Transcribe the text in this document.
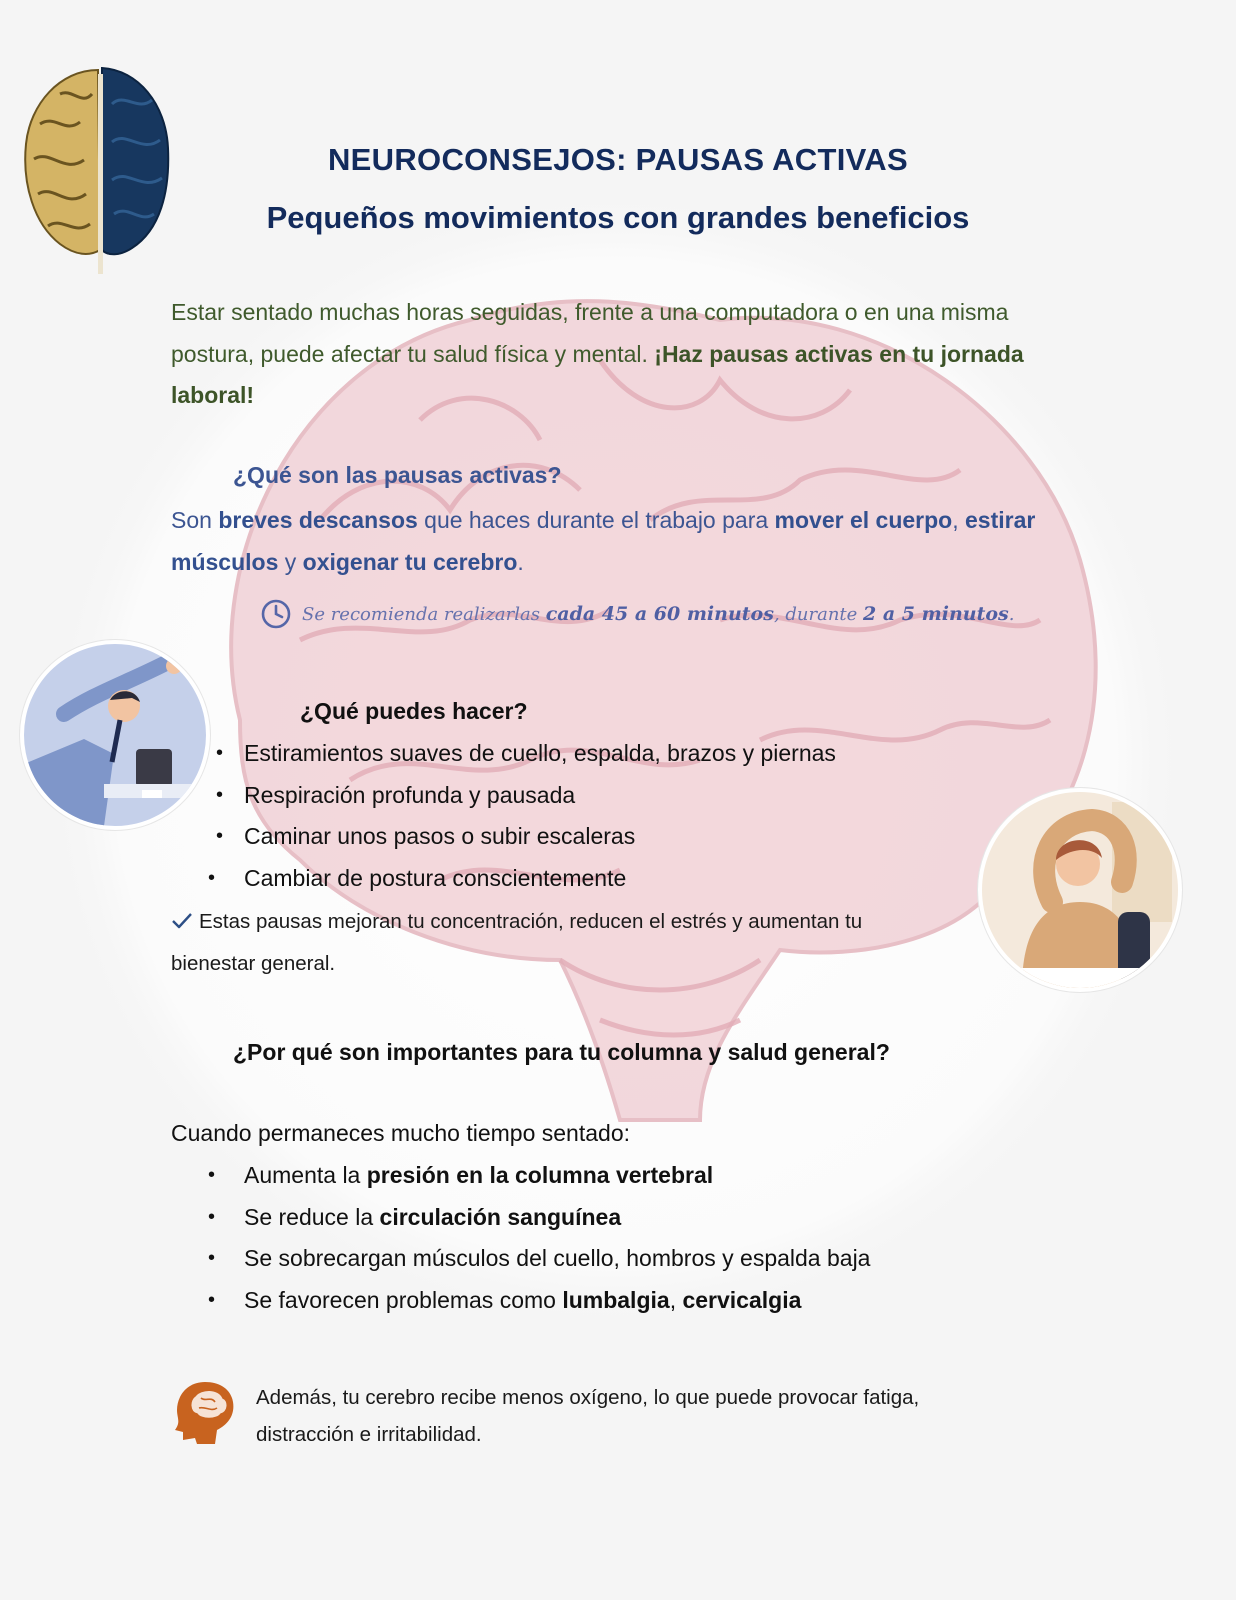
NEUROCONSEJOS: PAUSAS ACTIVAS
Pequeños movimientos con grandes beneficios
Estar sentado muchas horas seguidas, frente a una computadora o en una misma postura, puede afectar tu salud física y mental. ¡Haz pausas activas en tu jornada laboral!
¿Qué son las pausas activas?
Son breves descansos que haces durante el trabajo para mover el cuerpo, estirar músculos y oxigenar tu cerebro.
Se recomienda realizarlas cada 45 a 60 minutos, durante 2 a 5 minutos.
¿Qué puedes hacer?
• Estiramientos suaves de cuello, espalda, brazos y piernas
• Respiración profunda y pausada
• Caminar unos pasos o subir escaleras
• Cambiar de postura conscientemente
Estas pausas mejoran tu concentración, reducen el estrés y aumentan tu bienestar general.
¿Por qué son importantes para tu columna y salud general?
Cuando permaneces mucho tiempo sentado:
• Aumenta la presión en la columna vertebral
• Se reduce la circulación sanguínea
• Se sobrecargan músculos del cuello, hombros y espalda baja
• Se favorecen problemas como lumbalgia, cervicalgia
Además, tu cerebro recibe menos oxígeno, lo que puede provocar fatiga, distracción e irritabilidad.
